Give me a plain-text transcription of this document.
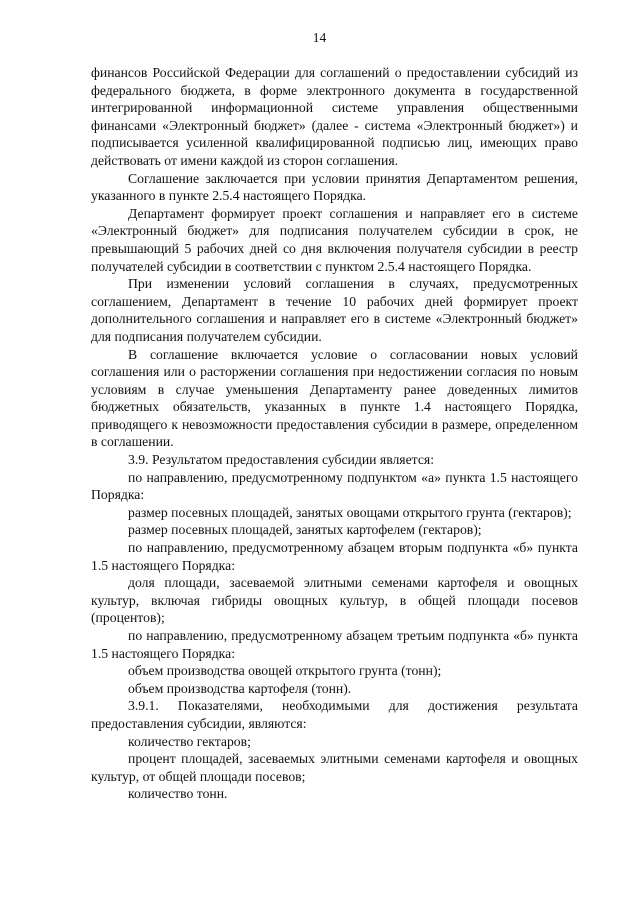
14

финансов Российской Федерации для соглашений о предоставлении субсидий из федерального бюджета, в форме электронного документа в государственной интегрированной информационной системе управления общественными финансами «Электронный бюджет» (далее - система «Электронный бюджет») и подписывается усиленной квалифицированной подписью лиц, имеющих право действовать от имени каждой из сторон соглашения.

Соглашение заключается при условии принятия Департаментом решения, указанного в пункте 2.5.4 настоящего Порядка.

Департамент формирует проект соглашения и направляет его в системе «Электронный бюджет» для подписания получателем субсидии в срок, не превышающий 5 рабочих дней со дня включения получателя субсидии в реестр получателей субсидии в соответствии с пунктом 2.5.4 настоящего Порядка.

При изменении условий соглашения в случаях, предусмотренных соглашением, Департамент в течение 10 рабочих дней формирует проект дополнительного соглашения и направляет его в системе «Электронный бюджет» для подписания получателем субсидии.

В соглашение включается условие о согласовании новых условий соглашения или о расторжении соглашения при недостижении согласия по новым условиям в случае уменьшения Департаменту ранее доведенных лимитов бюджетных обязательств, указанных в пункте 1.4 настоящего Порядка, приводящего к невозможности предоставления субсидии в размере, определенном в соглашении.

3.9. Результатом предоставления субсидии является:

по направлению, предусмотренному подпунктом «а» пункта 1.5 настоящего Порядка:

размер посевных площадей, занятых овощами открытого грунта (гектаров);

размер посевных площадей, занятых картофелем (гектаров);

по направлению, предусмотренному абзацем вторым подпункта «б» пункта 1.5 настоящего Порядка:

доля площади, засеваемой элитными семенами картофеля и овощных культур, включая гибриды овощных культур, в общей площади посевов (процентов);

по направлению, предусмотренному абзацем третьим подпункта «б» пункта 1.5 настоящего Порядка:

объем производства овощей открытого грунта (тонн);

объем производства картофеля (тонн).

3.9.1. Показателями, необходимыми для достижения результата предоставления субсидии, являются:

количество гектаров;

процент площадей, засеваемых элитными семенами картофеля и овощных культур, от общей площади посевов;

количество тонн.
